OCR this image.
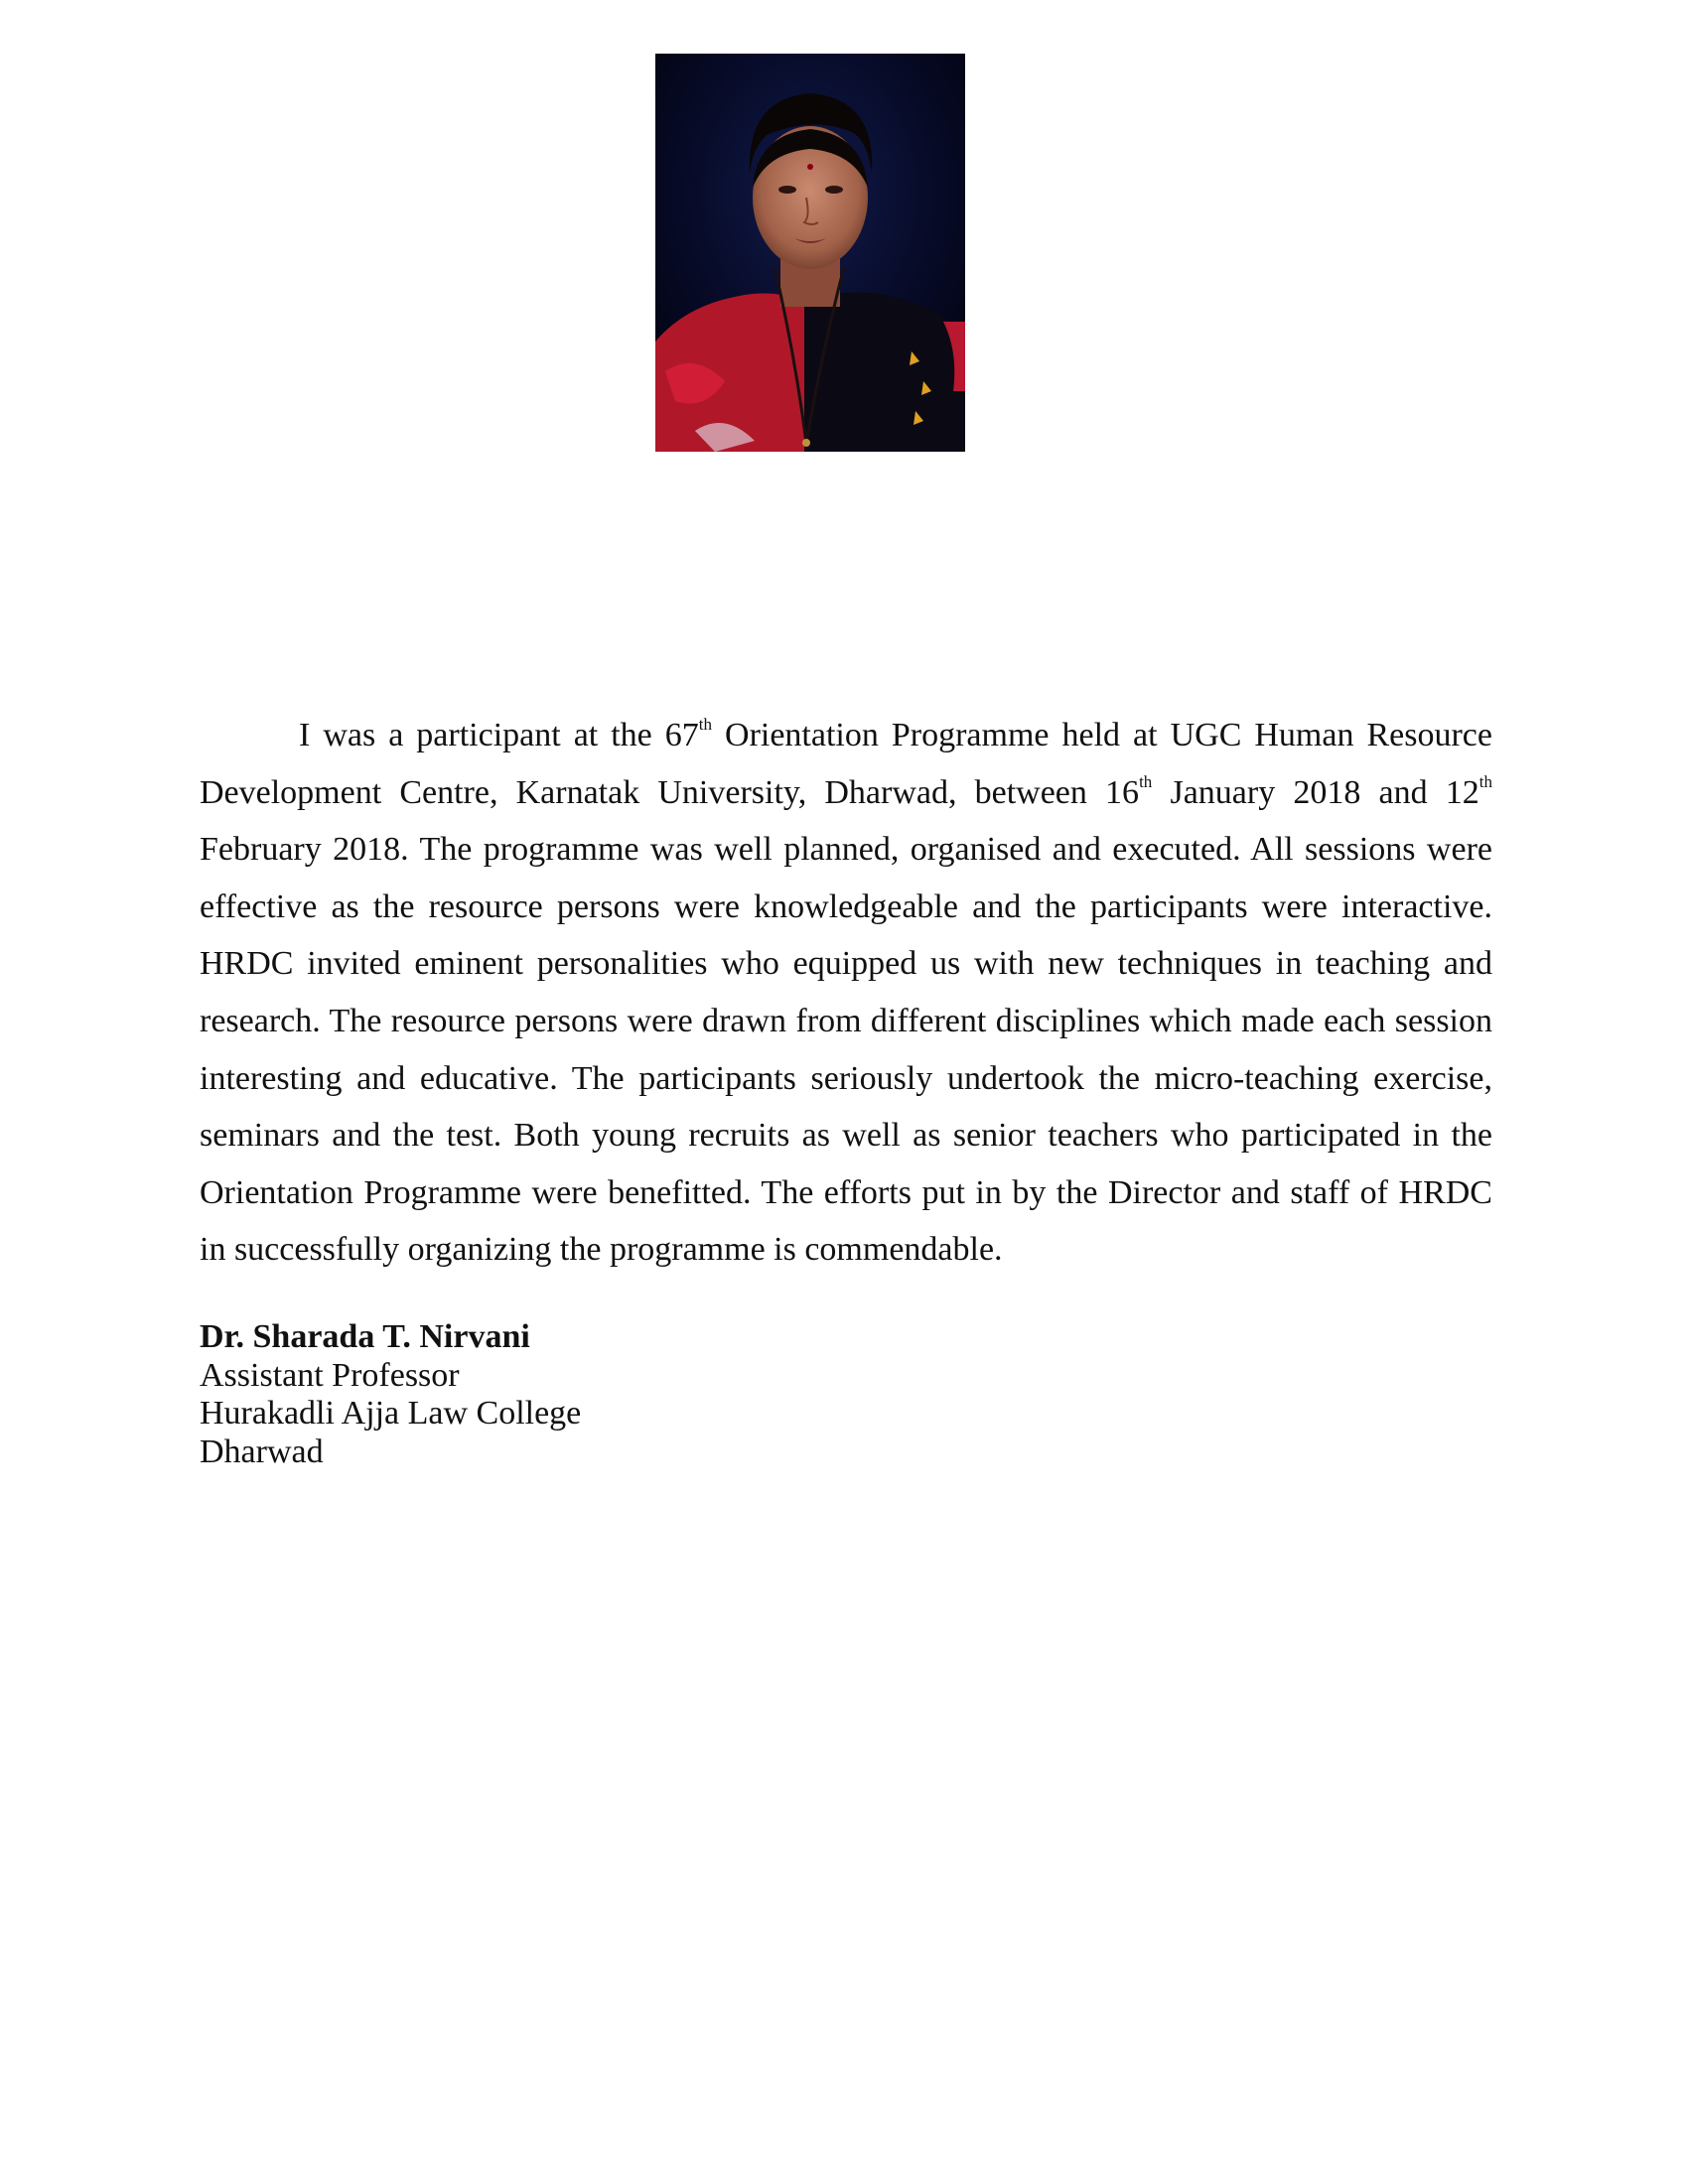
I was a participant at the 67th Orientation Programme held at UGC Human Resource Development Centre, Karnatak University, Dharwad, between 16th January 2018 and 12th February 2018. The programme was well planned, organised and executed. All sessions were effective as the resource persons were knowledgeable and the participants were interactive. HRDC invited eminent personalities who equipped us with new techniques in teaching and research. The resource persons were drawn from different disciplines which made each session interesting and educative. The participants seriously undertook the micro-teaching exercise, seminars and the test. Both young recruits as well as senior teachers who participated in the Orientation Programme were benefitted. The efforts put in by the Director and staff of HRDC in successfully organizing the programme is commendable.

Dr. Sharada T. Nirvani
Assistant Professor
Hurakadli Ajja Law College
Dharwad
